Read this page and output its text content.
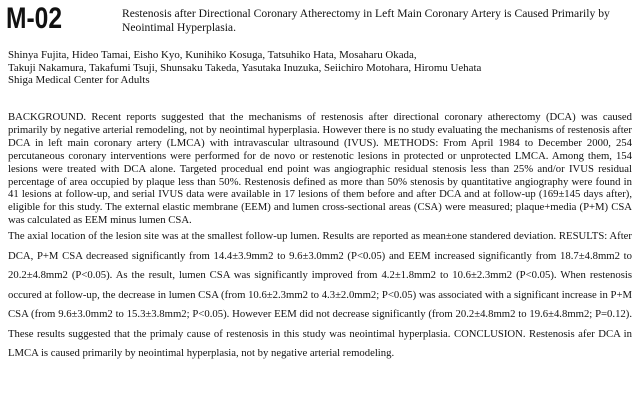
M-02	Restenosis after Directional Coronary Atherectomy in Left Main Coronary Artery is Caused Primarily by Neointimal Hyperplasia.
Shinya Fujita, Hideo Tamai, Eisho Kyo, Kunihiko Kosuga, Tatsuhiko Hata, Mosaharu Okada,
Takuji Nakamura, Takafumi Tsuji, Shunsaku Takeda, Yasutaka Inuzuka, Seiichiro Motohara, Hiromu Uehata
Shiga Medical Center for Adults
BACKGROUND. Recent reports suggested that the mechanisms of restenosis after directional coronary atherectomy (DCA) was caused primarily by negative arterial remodeling, not by neointimal hyperplasia. However there is no study evaluating the mechanisms of restenosis after DCA in left main coronary artery (LMCA) with intravascular ultrasound (IVUS). METHODS: From April 1984 to December 2000, 254 percutaneous coronary interventions were performed for de novo or restenotic lesions in protected or unprotected LMCA. Among them, 154 lesions were treated with DCA alone. Targeted procedual end point was angiographic residual stenosis less than 25% and/or IVUS residual percentage of area occupied by plaque less than 50%. Restenosis defined as more than 50% stenosis by quantitative angiography were found in 41 lesions at follow-up, and serial IVUS data were available in 17 lesions of them before and after DCA and at follow-up (169±145 days after), eligible for this study. The external elastic membrane (EEM) and lumen cross-sectional areas (CSA) were measured; plaque+media (P+M) CSA was calculated as EEM minus lumen CSA.
The axial location of the lesion site was at the smallest follow-up lumen. Results are reported as mean±one standered deviation. RESULTS: After DCA, P+M CSA decreased significantly from 14.4±3.9mm2 to 9.6±3.0mm2 (P<0.05) and EEM increased significantly from 18.7±4.8mm2 to 20.2±4.8mm2 (P<0.05). As the result, lumen CSA was significantly improved from 4.2±1.8mm2 to 10.6±2.3mm2 (P<0.05). When restenosis occured at follow-up, the decrease in lumen CSA (from 10.6±2.3mm2 to 4.3±2.0mm2; P<0.05) was associated with a significant increase in P+M CSA (from 9.6±3.0mm2 to 15.3±3.8mm2; P<0.05). However EEM did not decrease significantly (from 20.2±4.8mm2 to 19.6±4.8mm2; P=0.12). These results suggested that the primaly cause of restenosis in this study was neointimal hyperplasia. CONCLUSION. Restenosis afer DCA in LMCA is caused primarily by neointimal hyperplasia, not by negative arterial remodeling.
